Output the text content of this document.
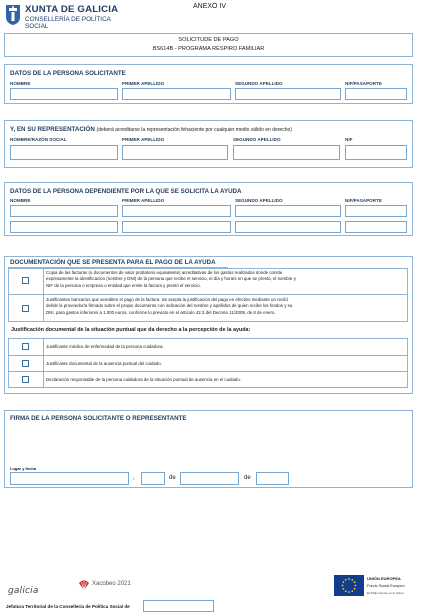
XUNTA DE GALICIA
CONSELLERÍA DE POLÍTICA
SOCIAL
ANEXO IV
SOLICITUDE DE PAGO
BS614B - PROGRAMA RESPIRO FAMILIAR
DATOS DE LA PERSONA SOLICITANTE
NOMBRE	PRIMER APELLIDO	SEGUNDO APELLIDO	NIF/PASAPORTE
Y, EN SU REPRESENTACIÓN (deberá acreditarse la representación fehaciente por cualquier medio válido en derecho)
NOMBRE/RAZÓN SOCIAL	PRIMER APELLIDO	SEGUNDO APELLIDO	NIF
DATOS DE LA PERSONA DEPENDIENTE POR LA QUE SE SOLICITA LA AYUDA
NOMBRE	PRIMER APELLIDO	SEGUNDO APELLIDO	NIF/PASAPORTE
DOCUMENTACIÓN QUE SE PRESENTA PARA EL PAGO DE LA AYUDA
Copia de las facturas (o documentos de valor probatorio equivalente) acreditativas de los gastos realizados donde conste
expresamente la identificación (nombre y DNI) de la persona que recibe el servicio, el día y hora/s en que se prestó, el nombre y
NIF de la persona o empresa o entidad que emite la factura y prestó el servicio.
Justificantes bancarios que acrediten el pago de la factura. Se acepta la justificación del pago en efectivo mediante un recibí
del/de la proveedor/a firmado sobre el propio documento con indicación del nombre y apellidos de quien recibe los fondos y su
DNI, para gastos inferiores a 1.000 euros, conforme lo previsto en el artículo 42.3 del Decreto 11/2009, de 8 de enero.
Justificación documental de la situación puntual que da derecho a la percepción de la ayuda:
Justificante médico de enfermedad de la persona cuidadora.
Justificante documental de la ausencia puntual del cuidado.
Declaración responsable de la persona cuidadora de la situación puntual de ausencia en el cuidado.
FIRMA DE LA PERSONA SOLICITANTE O REPRESENTANTE
Lugar y fecha
,	de	de
galicia
Xacobeo 2021
UNIÓN EUROPEA
Fondo Social Europeo
El FSE invierte en tu futuro
Jefatura Territorial de la Consellería de Política Social de
